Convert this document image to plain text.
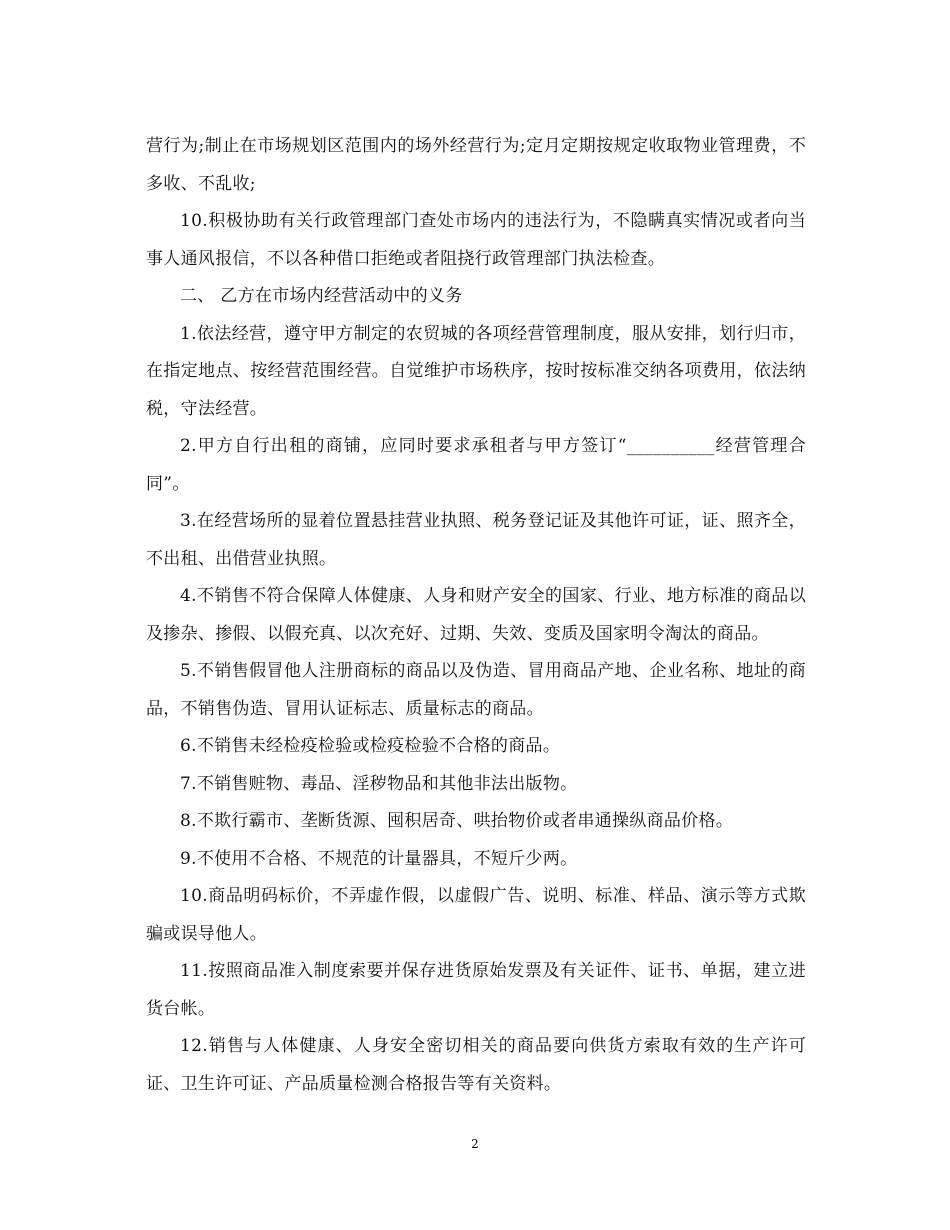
营行为;制止在市场规划区范围内的场外经营行为;定月定期按规定收取物业管理费，不多收、不乱收;

10.积极协助有关行政管理部门查处市场内的违法行为，不隐瞒真实情况或者向当事人通风报信，不以各种借口拒绝或者阻挠行政管理部门执法检查。

二、 乙方在市场内经营活动中的义务

1.依法经营，遵守甲方制定的农贸城的各项经营管理制度，服从安排，划行归市，在指定地点、按经营范围经营。自觉维护市场秩序，按时按标准交纳各项费用，依法纳税，守法经营。

2.甲方自行出租的商铺，应同时要求承租者与甲方签订“__________经营管理合同”。

3.在经营场所的显着位置悬挂营业执照、税务登记证及其他许可证，证、照齐全，不出租、出借营业执照。

4.不销售不符合保障人体健康、人身和财产安全的国家、行业、地方标准的商品以及掺杂、掺假、以假充真、以次充好、过期、失效、变质及国家明令淘汰的商品。

5.不销售假冒他人注册商标的商品以及伪造、冒用商品产地、企业名称、地址的商品，不销售伪造、冒用认证标志、质量标志的商品。

6.不销售未经检疫检验或检疫检验不合格的商品。

7.不销售赃物、毒品、淫秽物品和其他非法出版物。

8.不欺行霸市、垄断货源、囤积居奇、哄抬物价或者串通操纵商品价格。

9.不使用不合格、不规范的计量器具，不短斤少两。

10.商品明码标价，不弄虚作假，以虚假广告、说明、标准、样品、演示等方式欺骗或误导他人。

11.按照商品准入制度索要并保存进货原始发票及有关证件、证书、单据，建立进货台帐。

12.销售与人体健康、人身安全密切相关的商品要向供货方索取有效的生产许可证、卫生许可证、产品质量检测合格报告等有关资料。

2
